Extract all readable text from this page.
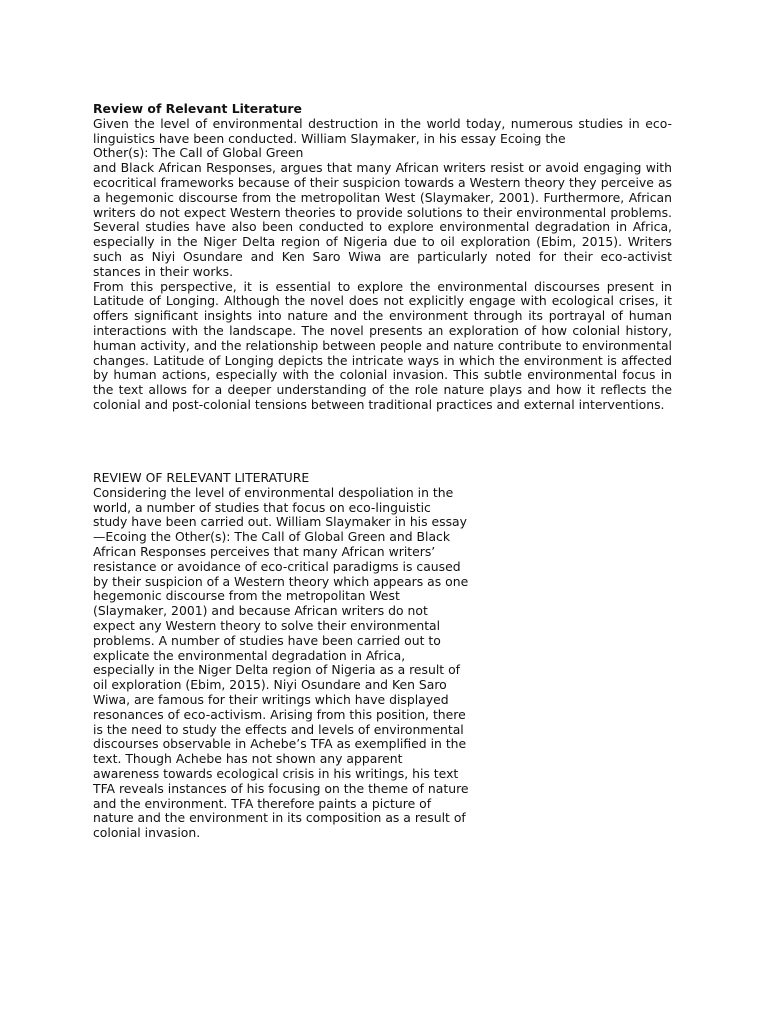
Review of Relevant Literature

Given the level of environmental destruction in the world today, numerous studies in eco-linguistics have been conducted. William Slaymaker, in his essay Ecoing the

Other(s): The Call of Global Green

and Black African Responses, argues that many African writers resist or avoid engaging with ecocritical frameworks because of their suspicion towards a Western theory they perceive as a hegemonic discourse from the metropolitan West (Slaymaker, 2001). Furthermore, African writers do not expect Western theories to provide solutions to their environmental problems. Several studies have also been conducted to explore environmental degradation in Africa, especially in the Niger Delta region of Nigeria due to oil exploration (Ebim, 2015). Writers such as Niyi Osundare and Ken Saro Wiwa are particularly noted for their eco-activist stances in their works.

From this perspective, it is essential to explore the environmental discourses present in Latitude of Longing. Although the novel does not explicitly engage with ecological crises, it offers significant insights into nature and the environment through its portrayal of human interactions with the landscape. The novel presents an exploration of how colonial history, human activity, and the relationship between people and nature contribute to environmental changes. Latitude of Longing depicts the intricate ways in which the environment is affected by human actions, especially with the colonial invasion. This subtle environmental focus in the text allows for a deeper understanding of the role nature plays and how it reflects the colonial and post-colonial tensions between traditional practices and external interventions.

REVIEW OF RELEVANT LITERATURE

Considering the level of environmental despoliation in the world, a number of studies that focus on eco-linguistic study have been carried out. William Slaymaker in his essay —Ecoing the Other(s): The Call of Global Green and Black African Responses perceives that many African writers’ resistance or avoidance of eco-critical paradigms is caused by their suspicion of a Western theory which appears as one hegemonic discourse from the metropolitan West (Slaymaker, 2001) and because African writers do not expect any Western theory to solve their environmental problems. A number of studies have been carried out to explicate the environmental degradation in Africa, especially in the Niger Delta region of Nigeria as a result of oil exploration (Ebim, 2015). Niyi Osundare and Ken Saro Wiwa, are famous for their writings which have displayed resonances of eco-activism. Arising from this position, there is the need to study the effects and levels of environmental discourses observable in Achebe’s TFA as exemplified in the text. Though Achebe has not shown any apparent awareness towards ecological crisis in his writings, his text TFA reveals instances of his focusing on the theme of nature and the environment. TFA therefore paints a picture of nature and the environment in its composition as a result of colonial invasion.
